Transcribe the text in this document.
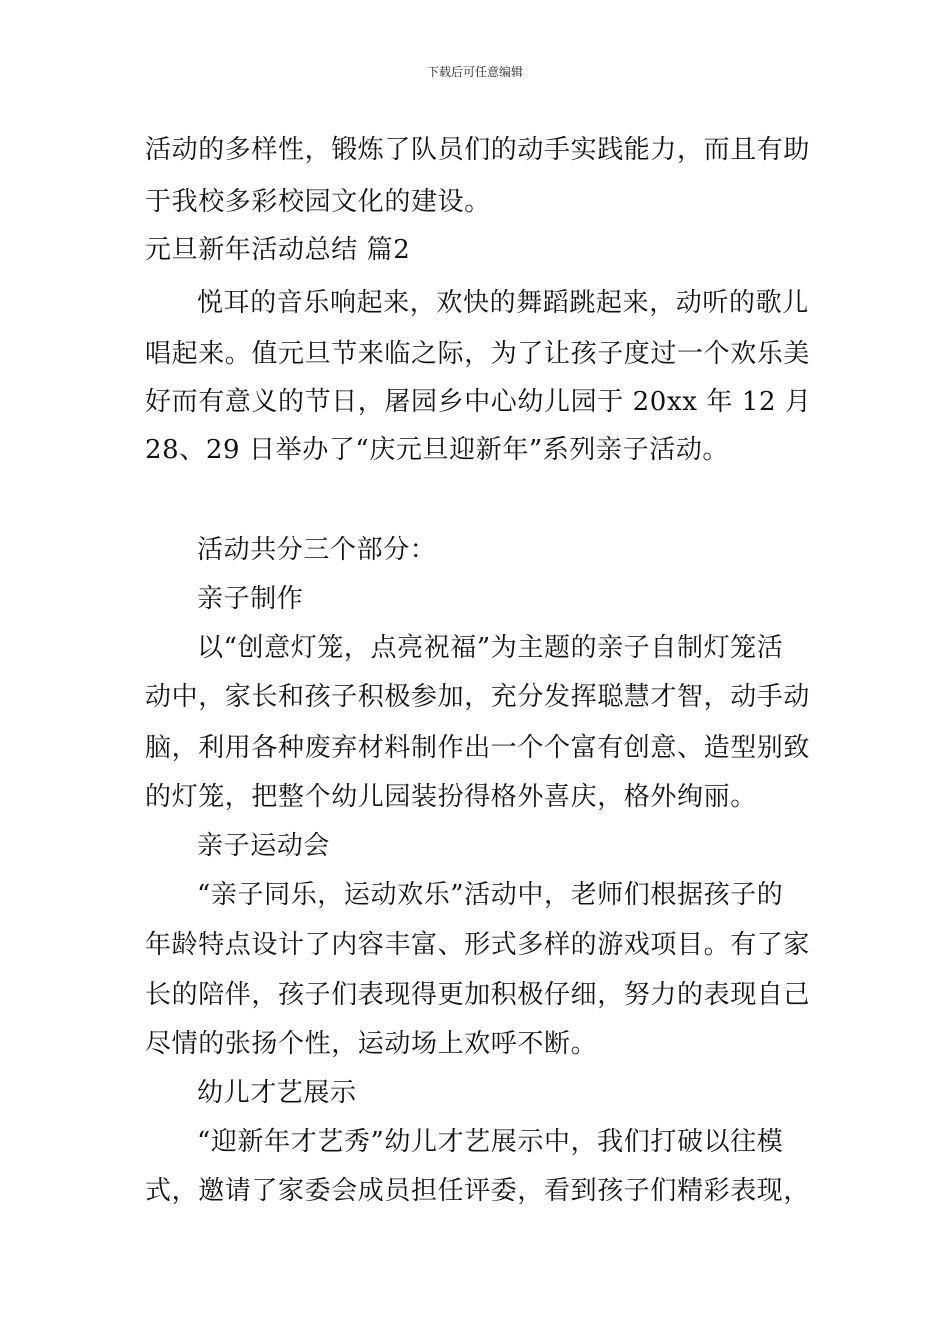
下载后可任意编辑
活动的多样性，锻炼了队员们的动手实践能力，而且有助
于我校多彩校园文化的建设。
元旦新年活动总结 篇2
悦耳的音乐响起来，欢快的舞蹈跳起来，动听的歌儿
唱起来。值元旦节来临之际，为了让孩子度过一个欢乐美
好而有意义的节日，屠园乡中心幼儿园于 20xx 年 12 月
28、29 日举办了“庆元旦迎新年”系列亲子活动。
活动共分三个部分：
亲子制作
以“创意灯笼，点亮祝福”为主题的亲子自制灯笼活
动中，家长和孩子积极参加，充分发挥聪慧才智，动手动
脑，利用各种废弃材料制作出一个个富有创意、造型别致
的灯笼，把整个幼儿园装扮得格外喜庆，格外绚丽。
亲子运动会
“亲子同乐，运动欢乐”活动中，老师们根据孩子的
年龄特点设计了内容丰富、形式多样的游戏项目。有了家
长的陪伴，孩子们表现得更加积极仔细，努力的表现自己
尽情的张扬个性，运动场上欢呼不断。
幼儿才艺展示
“迎新年才艺秀”幼儿才艺展示中，我们打破以往模
式，邀请了家委会成员担任评委，看到孩子们精彩表现，
